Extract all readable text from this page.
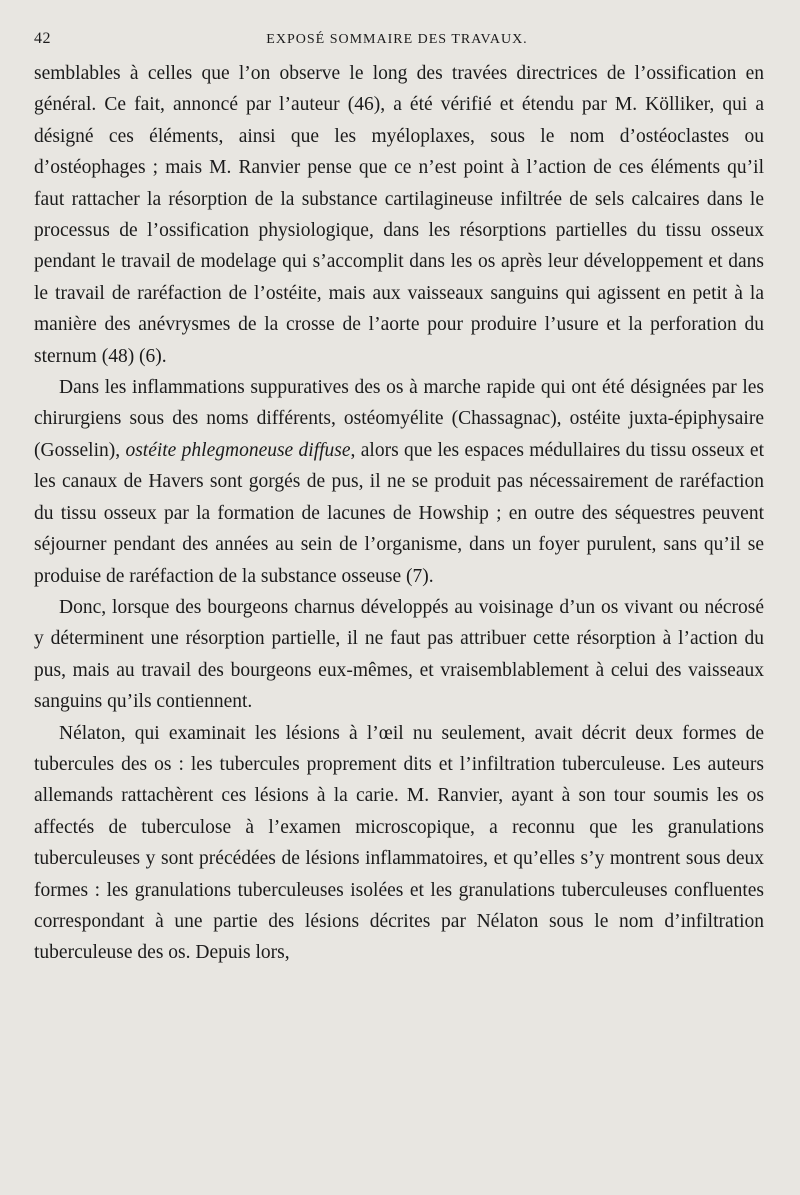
42	EXPOSÉ SOMMAIRE DES TRAVAUX.

semblables à celles que l’on observe le long des travées directrices de l’ossification en général. Ce fait, annoncé par l’auteur (46), a été vérifié et étendu par M. Kölliker, qui a désigné ces éléments, ainsi que les myéloplaxes, sous le nom d’ostéoclastes ou d’ostéophages ; mais M. Ranvier pense que ce n’est point à l’action de ces éléments qu’il faut rattacher la résorption de la substance cartilagineuse infiltrée de sels calcaires dans le processus de l’ossification physiologique, dans les résorptions partielles du tissu osseux pendant le travail de modelage qui s’accomplit dans les os après leur développement et dans le travail de raréfaction de l’ostéite, mais aux vaisseaux sanguins qui agissent en petit à la manière des anévrysmes de la crosse de l’aorte pour produire l’usure et la perforation du sternum (48) (6).

Dans les inflammations suppuratives des os à marche rapide qui ont été désignées par les chirurgiens sous des noms différents, ostéomyélite (Chassagnac), ostéite juxta-épiphysaire (Gosselin), ostéite phlegmoneuse diffuse, alors que les espaces médullaires du tissu osseux et les canaux de Havers sont gorgés de pus, il ne se produit pas nécessairement de raréfaction du tissu osseux par la formation de lacunes de Howship ; en outre des séquestres peuvent séjourner pendant des années au sein de l’organisme, dans un foyer purulent, sans qu’il se produise de raréfaction de la substance osseuse (7).

Donc, lorsque des bourgeons charnus développés au voisinage d’un os vivant ou nécrosé y déterminent une résorption partielle, il ne faut pas attribuer cette résorption à l’action du pus, mais au travail des bourgeons eux-mêmes, et vraisemblablement à celui des vaisseaux sanguins qu’ils contiennent.

Nélaton, qui examinait les lésions à l’œil nu seulement, avait décrit deux formes de tubercules des os : les tubercules proprement dits et l’infiltration tuberculeuse. Les auteurs allemands rattachèrent ces lésions à la carie. M. Ranvier, ayant à son tour soumis les os affectés de tuberculose à l’examen microscopique, a reconnu que les granulations tuberculeuses y sont précédées de lésions inflammatoires, et qu’elles s’y montrent sous deux formes : les granulations tuberculeuses isolées et les granulations tuberculeuses confluentes correspondant à une partie des lésions décrites par Nélaton sous le nom d’infiltration tuberculeuse des os. Depuis lors,
